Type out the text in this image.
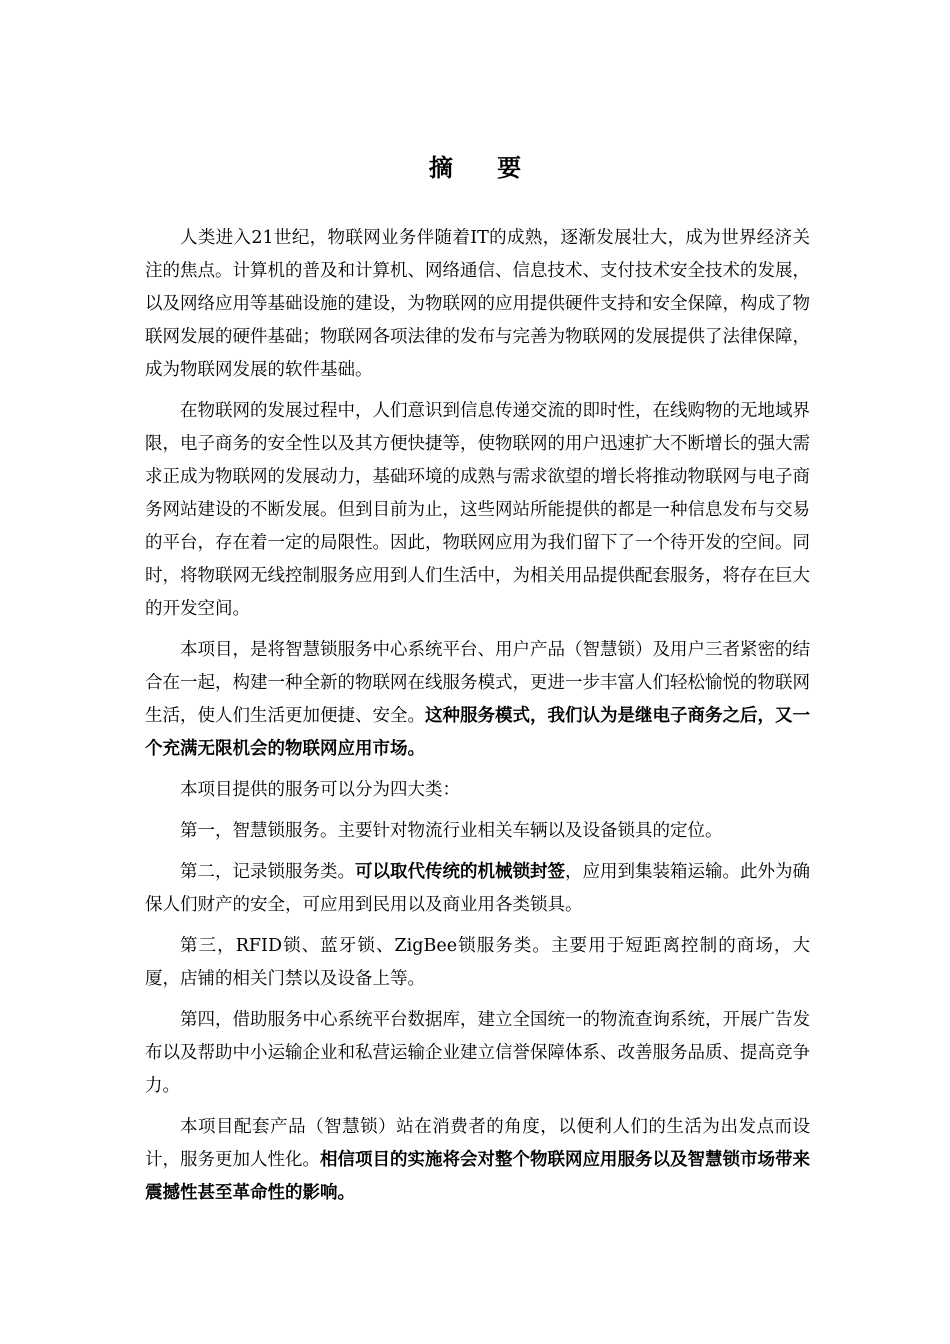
摘 要

人类进入21世纪，物联网业务伴随着IT的成熟，逐渐发展壮大，成为世界经济关注的焦点。计算机的普及和计算机、网络通信、信息技术、支付技术安全技术的发展，以及网络应用等基础设施的建设，为物联网的应用提供硬件支持和安全保障，构成了物联网发展的硬件基础；物联网各项法律的发布与完善为物联网的发展提供了法律保障，成为物联网发展的软件基础。

在物联网的发展过程中，人们意识到信息传递交流的即时性，在线购物的无地域界限，电子商务的安全性以及其方便快捷等，使物联网的用户迅速扩大不断增长的强大需求正成为物联网的发展动力，基础环境的成熟与需求欲望的增长将推动物联网与电子商务网站建设的不断发展。但到目前为止，这些网站所能提供的都是一种信息发布与交易的平台，存在着一定的局限性。因此，物联网应用为我们留下了一个待开发的空间。同时，将物联网无线控制服务应用到人们生活中，为相关用品提供配套服务，将存在巨大的开发空间。

本项目，是将智慧锁服务中心系统平台、用户产品（智慧锁）及用户三者紧密的结合在一起，构建一种全新的物联网在线服务模式，更进一步丰富人们轻松愉悦的物联网生活，使人们生活更加便捷、安全。这种服务模式，我们认为是继电子商务之后，又一个充满无限机会的物联网应用市场。

本项目提供的服务可以分为四大类：

第一，智慧锁服务。主要针对物流行业相关车辆以及设备锁具的定位。

第二，记录锁服务类。可以取代传统的机械锁封签，应用到集装箱运输。此外为确保人们财产的安全，可应用到民用以及商业用各类锁具。

第三，RFID锁、蓝牙锁、ZigBee锁服务类。主要用于短距离控制的商场，大厦，店铺的相关门禁以及设备上等。

第四，借助服务中心系统平台数据库，建立全国统一的物流查询系统，开展广告发布以及帮助中小运输企业和私营运输企业建立信誉保障体系、改善服务品质、提高竞争力。

本项目配套产品（智慧锁）站在消费者的角度，以便利人们的生活为出发点而设计，服务更加人性化。相信项目的实施将会对整个物联网应用服务以及智慧锁市场带来震撼性甚至革命性的影响。
